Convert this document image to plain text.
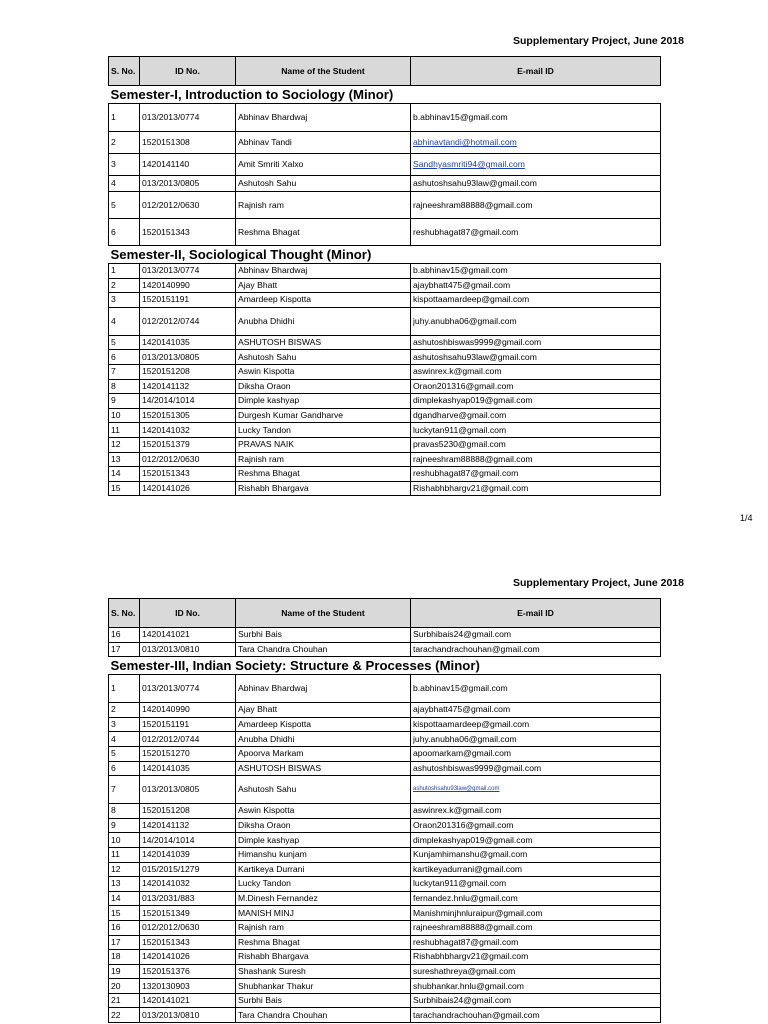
Supplementary Project, June 2018
S. No.	ID No.	Name of the Student	E-mail ID
Semester-I, Introduction to Sociology (Minor)			
1	013/2013/0774	Abhinav Bhardwaj	b.abhinav15@gmail.com
2	1520151308	Abhinav Tandi	abhinavtandi@hotmail.com
3	1420141140	Amit Smriti Xalxo	Sandhyasmriti94@gmail.com
4	013/2013/0805	Ashutosh Sahu	ashutoshsahu93law@gmail.com
5	012/2012/0630	Rajnish ram	rajneeshram88888@gmail.com
6	1520151343	Reshma Bhagat	reshubhagat87@gmail.com
Semester-II, Sociological Thought (Minor)			
1	013/2013/0774	Abhinav Bhardwaj	b.abhinav15@gmail.com
2	1420140990	Ajay Bhatt	ajaybhatt475@gmail.com
3	1520151191	Amardeep Kispotta	kispottaamardeep@gmail.com
4	012/2012/0744	Anubha Dhidhi	juhy.anubha06@gmail.com
5	1420141035	ASHUTOSH BISWAS	ashutoshbiswas9999@gmail.com
6	013/2013/0805	Ashutosh Sahu	ashutoshsahu93law@gmail.com
7	1520151208	Aswin Kispotta	aswinrex.k@gmail.com
8	1420141132	Diksha Oraon	Oraon201316@gmail.com
9	14/2014/1014	Dimple kashyap	dimplekashyap019@gmail.com
10	1520151305	Durgesh Kumar Gandharve	dgandharve@gmail.com
11	1420141032	Lucky Tandon	luckytan911@gmail.com
12	1520151379	PRAVAS NAIK	pravas5230@gmail.com
13	012/2012/0630	Rajnish ram	rajneeshram88888@gmail.com
14	1520151343	Reshma Bhagat	reshubhagat87@gmail.com
15	1420141026	Rishabh Bhargava	Rishabhbhargv21@gmail.com
1/4
Supplementary Project, June 2018
S. No.	ID No.	Name of the Student	E-mail ID
16	1420141021	Surbhi Bais	Surbhibais24@gmail.com
17	013/2013/0810	Tara Chandra Chouhan	tarachandrachouhan@gmail.com
Semester-III, Indian Society: Structure & Processes (Minor)			
1	013/2013/0774	Abhinav Bhardwaj	b.abhinav15@gmail.com
2	1420140990	Ajay Bhatt	ajaybhatt475@gmail.com
3	1520151191	Amardeep Kispotta	kispottaamardeep@gmail.com
4	012/2012/0744	Anubha Dhidhi	juhy.anubha06@gmail.com
5	1520151270	Apoorva Markam	apoomarkam@gmail.com
6	1420141035	ASHUTOSH BISWAS	ashutoshbiswas9999@gmail.com
7	013/2013/0805	Ashutosh Sahu	ashutoshsahu93law@gmail.com
8	1520151208	Aswin Kispotta	aswinrex.k@gmail.com
9	1420141132	Diksha Oraon	Oraon201316@gmail.com
10	14/2014/1014	Dimple kashyap	dimplekashyap019@gmail.com
11	1420141039	Himanshu kunjam	Kunjamhimanshu@gmail.com
12	015/2015/1279	Kartikeya Durrani	kartikeyadurrani@gmail.com
13	1420141032	Lucky Tandon	luckytan911@gmail.com
14	013/2031/883	M.Dinesh Fernandez	fernandez.hnlu@gmail.com
15	1520151349	MANISH MINJ	Manishminjhnluraipur@gmail.com
16	012/2012/0630	Rajnish ram	rajneeshram88888@gmail.com
17	1520151343	Reshma Bhagat	reshubhagat87@gmail.com
18	1420141026	Rishabh Bhargava	Rishabhbhargv21@gmail.com
19	1520151376	Shashank Suresh	sureshathreya@gmail.com
20	1320130903	Shubhankar Thakur	shubhankar.hnlu@gmail.com
21	1420141021	Surbhi Bais	Surbhibais24@gmail.com
22	013/2013/0810	Tara Chandra Chouhan	tarachandrachouhan@gmail.com
